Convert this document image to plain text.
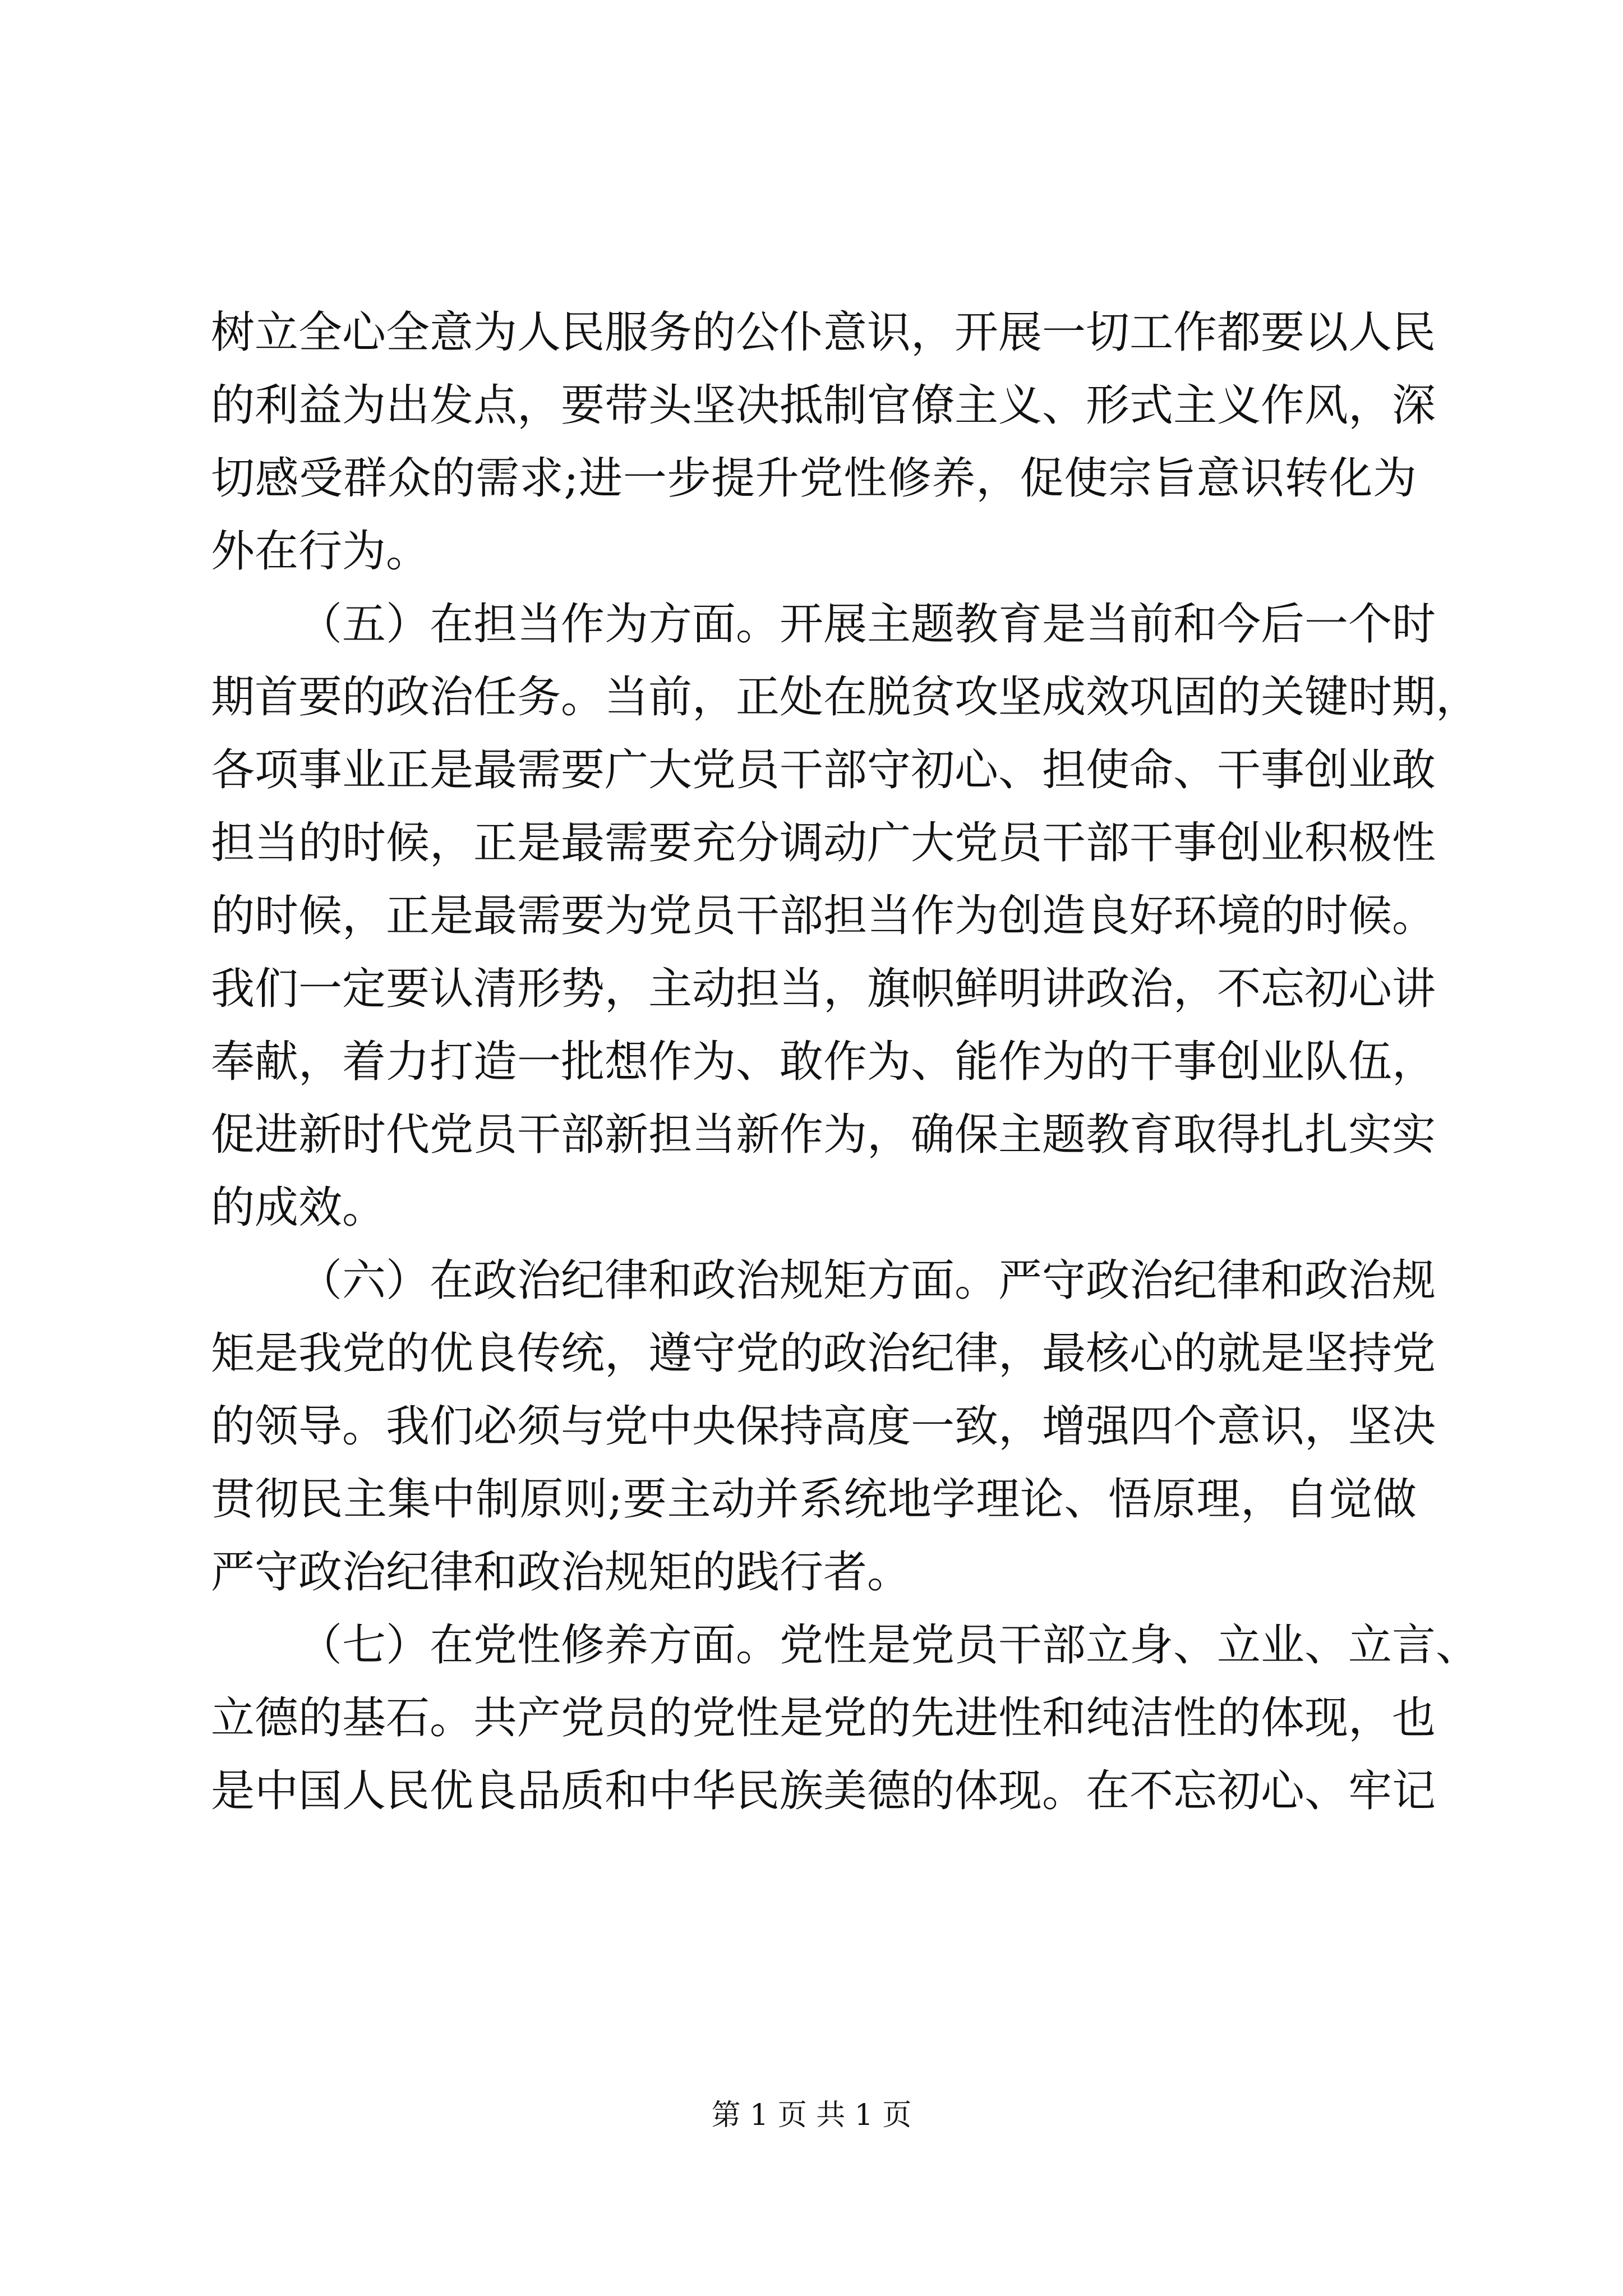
树立全心全意为人民服务的公仆意识，开展一切工作都要以人民
的利益为出发点，要带头坚决抵制官僚主义、形式主义作风，深
切感受群众的需求;进一步提升党性修养，促使宗旨意识转化为
外在行为。
（五）在担当作为方面。开展主题教育是当前和今后一个时
期首要的政治任务。当前，正处在脱贫攻坚成效巩固的关键时期，
各项事业正是最需要广大党员干部守初心、担使命、干事创业敢
担当的时候，正是最需要充分调动广大党员干部干事创业积极性
的时候，正是最需要为党员干部担当作为创造良好环境的时候。
我们一定要认清形势，主动担当，旗帜鲜明讲政治，不忘初心讲
奉献，着力打造一批想作为、敢作为、能作为的干事创业队伍，
促进新时代党员干部新担当新作为，确保主题教育取得扎扎实实
的成效。
（六）在政治纪律和政治规矩方面。严守政治纪律和政治规
矩是我党的优良传统，遵守党的政治纪律，最核心的就是坚持党
的领导。我们必须与党中央保持高度一致，增强四个意识，坚决
贯彻民主集中制原则;要主动并系统地学理论、悟原理，自觉做
严守政治纪律和政治规矩的践行者。
（七）在党性修养方面。党性是党员干部立身、立业、立言、
立德的基石。共产党员的党性是党的先进性和纯洁性的体现，也
是中国人民优良品质和中华民族美德的体现。在不忘初心、牢记
第 1 页 共 1 页
